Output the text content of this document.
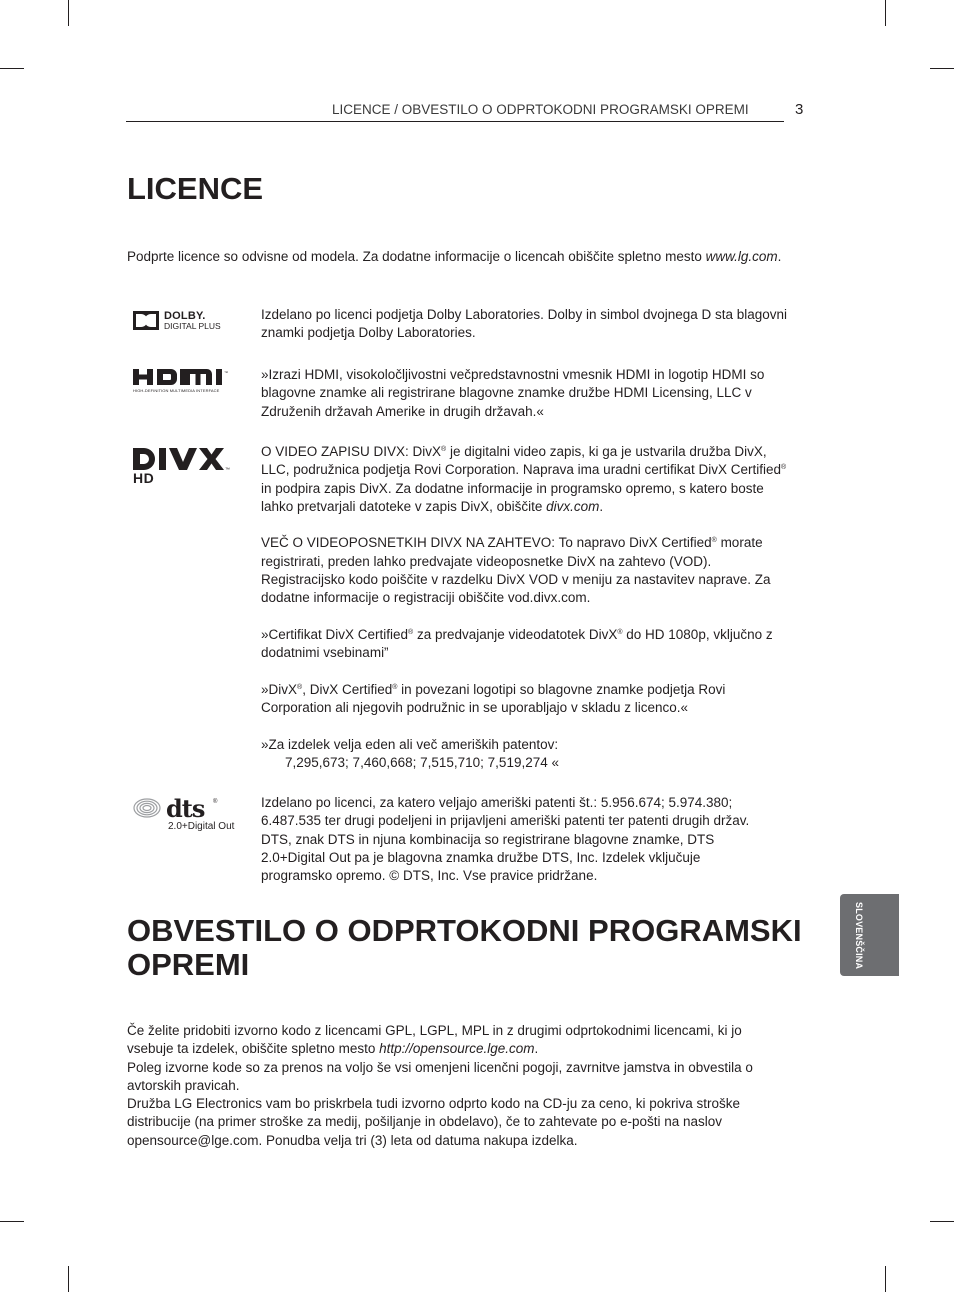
LICENCE / OBVESTILO O ODPRTOKODNI PROGRAMSKI OPREMI	3
LICENCE

Podprte licence so odvisne od modela. Za dodatne informacije o licencah obiščite spletno mesto www.lg.com.

DOLBY.
DIGITAL PLUS
Izdelano po licenci podjetja Dolby Laboratories. Dolby in simbol dvojnega D sta blagovni znamki podjetja Dolby Laboratories.
™
HIGH-DEFINITION MULTIMEDIA INTERFACE
»Izrazi HDMI, visokoločljivostni večpredstavnostni vmesnik HDMI in logotip HDMI so blagovne znamke ali registrirane blagovne znamke družbe HDMI Licensing, LLC v Združenih državah Amerike in drugih državah.«
™
HD

O VIDEO ZAPISU DIVX: DivX® je digitalni video zapis, ki ga je ustvarila družba DivX, LLC, podružnica podjetja Rovi Corporation. Naprava ima uradni certifikat DivX Certified® in podpira zapis DivX. Za dodatne informacije in programsko opremo, s katero boste lahko pretvarjali datoteke v zapis DivX, obiščite divx.com.

VEČ O VIDEOPOSNETKIH DIVX NA ZAHTEVO: To napravo DivX Certified® morate registrirati, preden lahko predvajate videoposnetke DivX na zahtevo (VOD). Registracijsko kodo poiščite v razdelku DivX VOD v meniju za nastavitev naprave. Za dodatne informacije o registraciji obiščite vod.divx.com.

»Certifikat DivX Certified® za predvajanje videodatotek DivX® do HD 1080p, vključno z dodatnimi vsebinami”

»DivX®, DivX Certified® in povezani logotipi so blagovne znamke podjetja Rovi Corporation ali njegovih podružnic in se uporabljajo v skladu z licenco.«

»Za izdelek velja eden ali več ameriških patentov:

7,295,673; 7,460,668; 7,515,710; 7,519,274 «

dts ®
2.0+Digital Out
Izdelano po licenci, za katero veljajo ameriški patenti št.: 5.956.674; 5.974.380; 6.487.535 ter drugi podeljeni in prijavljeni ameriški patenti ter patenti drugih držav. DTS, znak DTS in njuna kombinacija so registrirane blagovne znamke, DTS 2.0+Digital Out pa je blagovna znamka družbe DTS, Inc. Izdelek vključuje programsko opremo. © DTS, Inc. Vse pravice pridržane.
SLOVENŠČINA
OBVESTILO O ODPRTOKODNI PROGRAMSKI OPREMI

Če želite pridobiti izvorno kodo z licencami GPL, LGPL, MPL in z drugimi odprtokodnimi licencami, ki jo vsebuje ta izdelek, obiščite spletno mesto http://opensource.lge.com.

Poleg izvorne kode so za prenos na voljo še vsi omenjeni licenčni pogoji, zavrnitve jamstva in obvestila o avtorskih pravicah.

Družba LG Electronics vam bo priskrbela tudi izvorno odprto kodo na CD-ju za ceno, ki pokriva stroške distribucije (na primer stroške za medij, pošiljanje in obdelavo), če to zahtevate po e-pošti na naslov opensource@lge.com. Ponudba velja tri (3) leta od datuma nakupa izdelka.
